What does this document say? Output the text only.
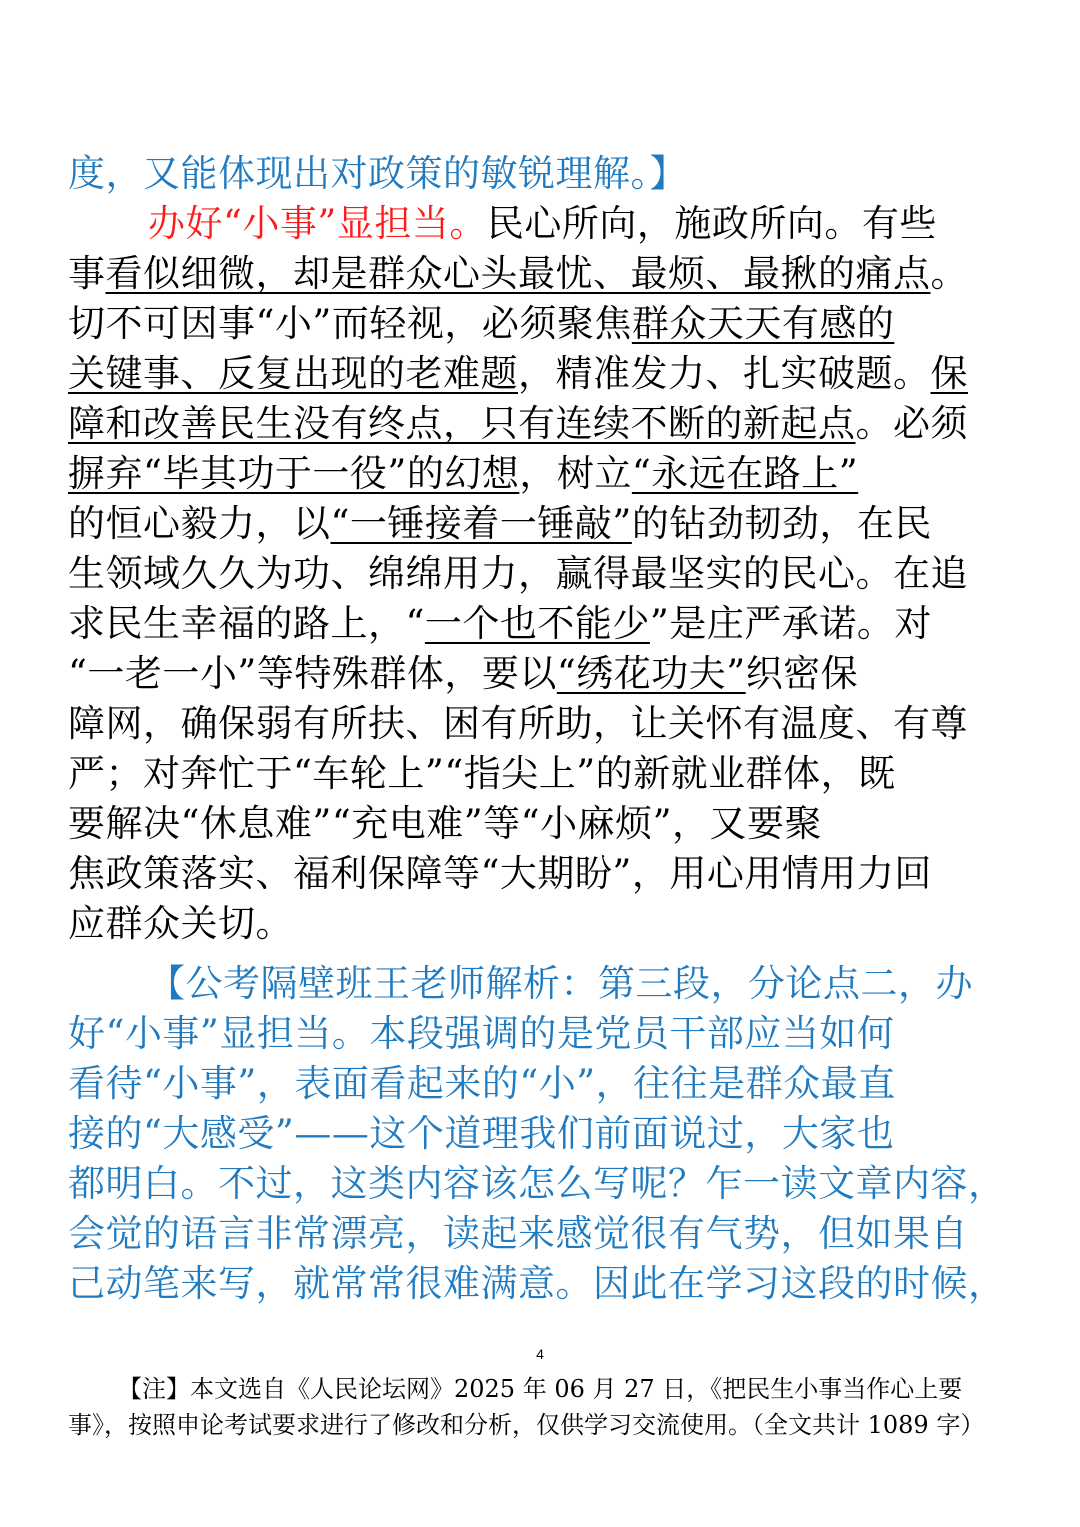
度，又能体现出对政策的敏锐理解。】
办好“小事”显担当。民心所向，施政所向。有些
事看似细微，却是群众心头最忧、最烦、最揪的痛点。
切不可因事“小”而轻视，必须聚焦群众天天有感的
关键事、反复出现的老难题，精准发力、扎实破题。保
障和改善民生没有终点，只有连续不断的新起点。必须
摒弃“毕其功于一役”的幻想，树立“永远在路上”
的恒心毅力，以“一锤接着一锤敲”的钻劲韧劲，在民
生领域久久为功、绵绵用力，赢得最坚实的民心。在追
求民生幸福的路上，“一个也不能少”是庄严承诺。对
“一老一小”等特殊群体，要以“绣花功夫”织密保
障网，确保弱有所扶、困有所助，让关怀有温度、有尊
严；对奔忙于“车轮上”“指尖上”的新就业群体，既
要解决“休息难”“充电难”等“小麻烦”，又要聚
焦政策落实、福利保障等“大期盼”，用心用情用力回
应群众关切。
【公考隔壁班王老师解析：第三段，分论点二，办
好“小事”显担当。本段强调的是党员干部应当如何
看待“小事”，表面看起来的“小”，往往是群众最直
接的“大感受”——这个道理我们前面说过，大家也
都明白。不过，这类内容该怎么写呢？乍一读文章内容，
会觉的语言非常漂亮，读起来感觉很有气势，但如果自
己动笔来写，就常常很难满意。因此在学习这段的时候，
4
【注】本文选自《人民论坛网》2025 年 06 月 27 日，《把民生小事当作心上要
事》，按照申论考试要求进行了修改和分析，仅供学习交流使用。（全文共计 1089 字）
